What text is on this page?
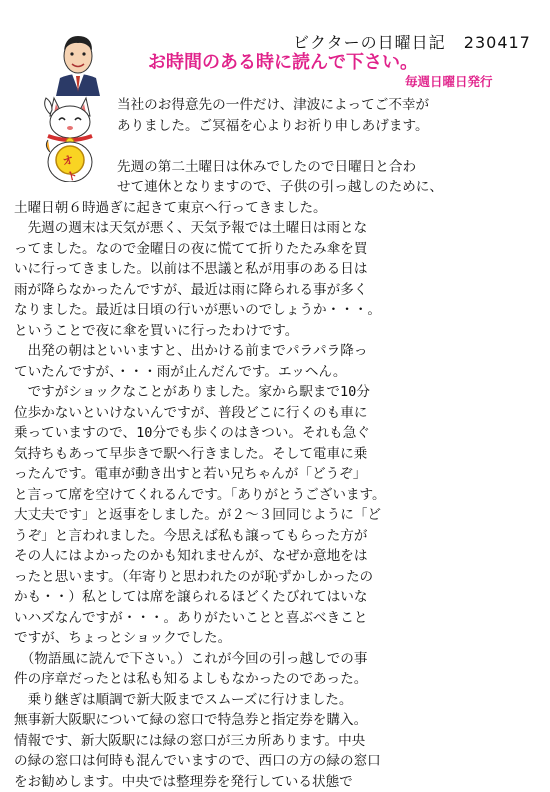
ビクターの日曜日記 230417
お時間のある時に読んで下さい。
毎週日曜日発行
オト
当社のお得意先の一件だけ、津波によってご不幸が
ありました。ご冥福を心よりお祈り申しあげます。
先週の第二土曜日は休みでしたので日曜日と合わ
せて連休となりますので、子供の引っ越しのために、
土曜日朝６時過ぎに起きて東京へ行ってきました。
　先週の週末は天気が悪く、天気予報では土曜日は雨とな
ってました。なので金曜日の夜に慌てて折りたたみ傘を買
いに行ってきました。以前は不思議と私が用事のある日は
雨が降らなかったんですが、最近は雨に降られる事が多く
なりました。最近は日頃の行いが悪いのでしょうか・・・。
ということで夜に傘を買いに行ったわけです。
　出発の朝はといいますと、出かける前までパラパラ降っ
ていたんですが、・・・雨が止んだんです。エッヘん。
　ですがショックなことがありました。家から駅まで10分
位歩かないといけないんですが、普段どこに行くのも車に
乗っていますので、10分でも歩くのはきつい。それも急ぐ
気持ちもあって早歩きで駅へ行きました。そして電車に乗
ったんです。電車が動き出すと若い兄ちゃんが「どうぞ」
と言って席を空けてくれるんです。「ありがとうございます。
大丈夫です」と返事をしました。が２～３回同じように「ど
うぞ」と言われました。今思えば私も譲ってもらった方が
その人にはよかったのかも知れませんが、なぜか意地をは
ったと思います。（年寄りと思われたのが恥ずかしかったの
かも・・）私としては席を譲られるほどくたびれてはいな
いハズなんですが・・・。ありがたいことと喜ぶべきこと
ですが、ちょっとショックでした。
　（物語風に読んで下さい。）これが今回の引っ越しでの事
件の序章だったとは私も知るよしもなかったのであった。
　乗り継ぎは順調で新大阪までスムーズに行けました。
無事新大阪駅について緑の窓口で特急券と指定券を購入。
情報です、新大阪駅には緑の窓口が三カ所あります。中央
の緑の窓口は何時も混んでいますので、西口の方の緑の窓口
をお勧めします。中央では整理券を発行している状態で
